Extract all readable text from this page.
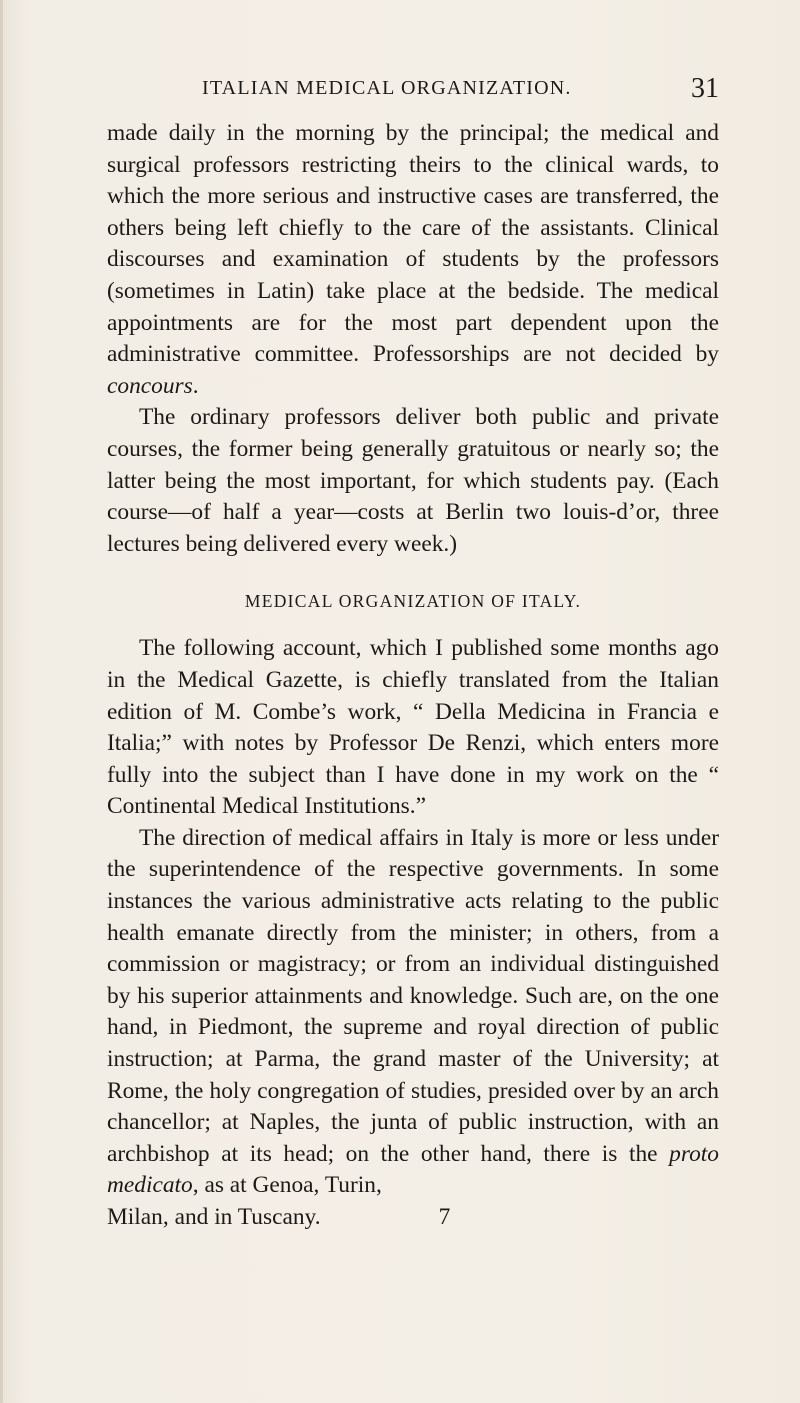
ITALIAN MEDICAL ORGANIZATION.	31

made daily in the morning by the principal; the medical and surgical professors restricting theirs to the clinical wards, to which the more serious and instructive cases are transferred, the others being left chiefly to the care of the assistants. Clinical discourses and examination of students by the professors (sometimes in Latin) take place at the bedside. The medical appointments are for the most part dependent upon the administrative committee. Professorships are not decided by concours.

The ordinary professors deliver both public and private courses, the former being generally gratuitous or nearly so; the latter being the most important, for which students pay. (Each course—of half a year—costs at Berlin two louis-d’or, three lectures being delivered every week.)

MEDICAL ORGANIZATION OF ITALY.

The following account, which I published some months ago in the Medical Gazette, is chiefly translated from the Italian edition of M. Combe’s work, “ Della Medicina in Francia e Italia;” with notes by Professor De Renzi, which enters more fully into the subject than I have done in my work on the “ Continental Medical Institutions.”

The direction of medical affairs in Italy is more or less under the superintendence of the respective governments. In some instances the various administrative acts relating to the public health emanate directly from the minister; in others, from a commission or magistracy; or from an individual distinguished by his superior attainments and knowledge. Such are, on the one hand, in Piedmont, the supreme and royal direction of public instruction; at Parma, the grand master of the University; at Rome, the holy congregation of studies, presided over by an arch chancellor; at Naples, the junta of public instruction, with an archbishop at its head; on the other hand, there is the proto medicato, as at Genoa, Turin,

Milan, and in Tuscany.	7
